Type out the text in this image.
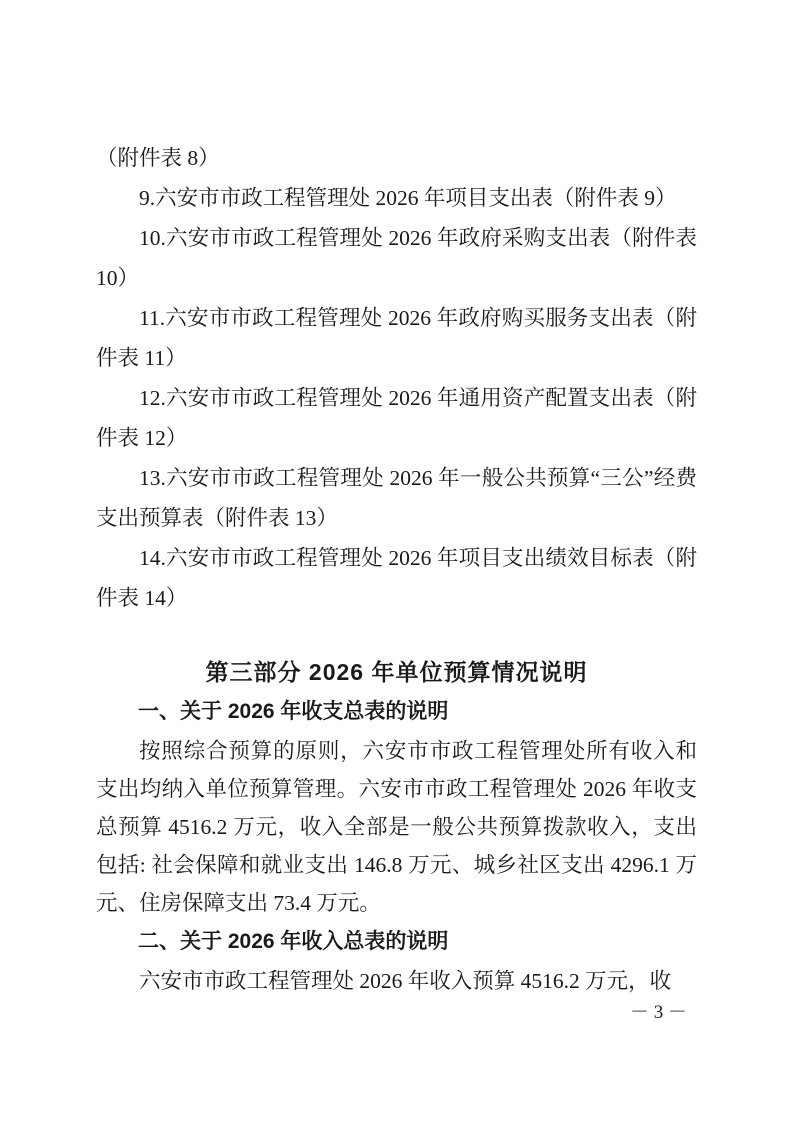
（附件表 8）

9.六安市市政工程管理处 2026 年项目支出表（附件表 9）

10.六安市市政工程管理处 2026 年政府采购支出表（附件表 10）

11.六安市市政工程管理处 2026 年政府购买服务支出表（附件表 11）

12.六安市市政工程管理处 2026 年通用资产配置支出表（附件表 12）

13.六安市市政工程管理处 2026 年一般公共预算“三公”经费支出预算表（附件表 13）

14.六安市市政工程管理处 2026 年项目支出绩效目标表（附件表 14）

第三部分 2026 年单位预算情况说明
一、关于 2026 年收支总表的说明

按照综合预算的原则，六安市市政工程管理处所有收入和支出均纳入单位预算管理。六安市市政工程管理处 2026 年收支总预算 4516.2 万元，收入全部是一般公共预算拨款收入，支出包括: 社会保障和就业支出 146.8 万元、城乡社区支出 4296.1 万元、住房保障支出 73.4 万元。

二、关于 2026 年收入总表的说明

六安市市政工程管理处 2026 年收入预算 4516.2 万元，收

－ 3 －
